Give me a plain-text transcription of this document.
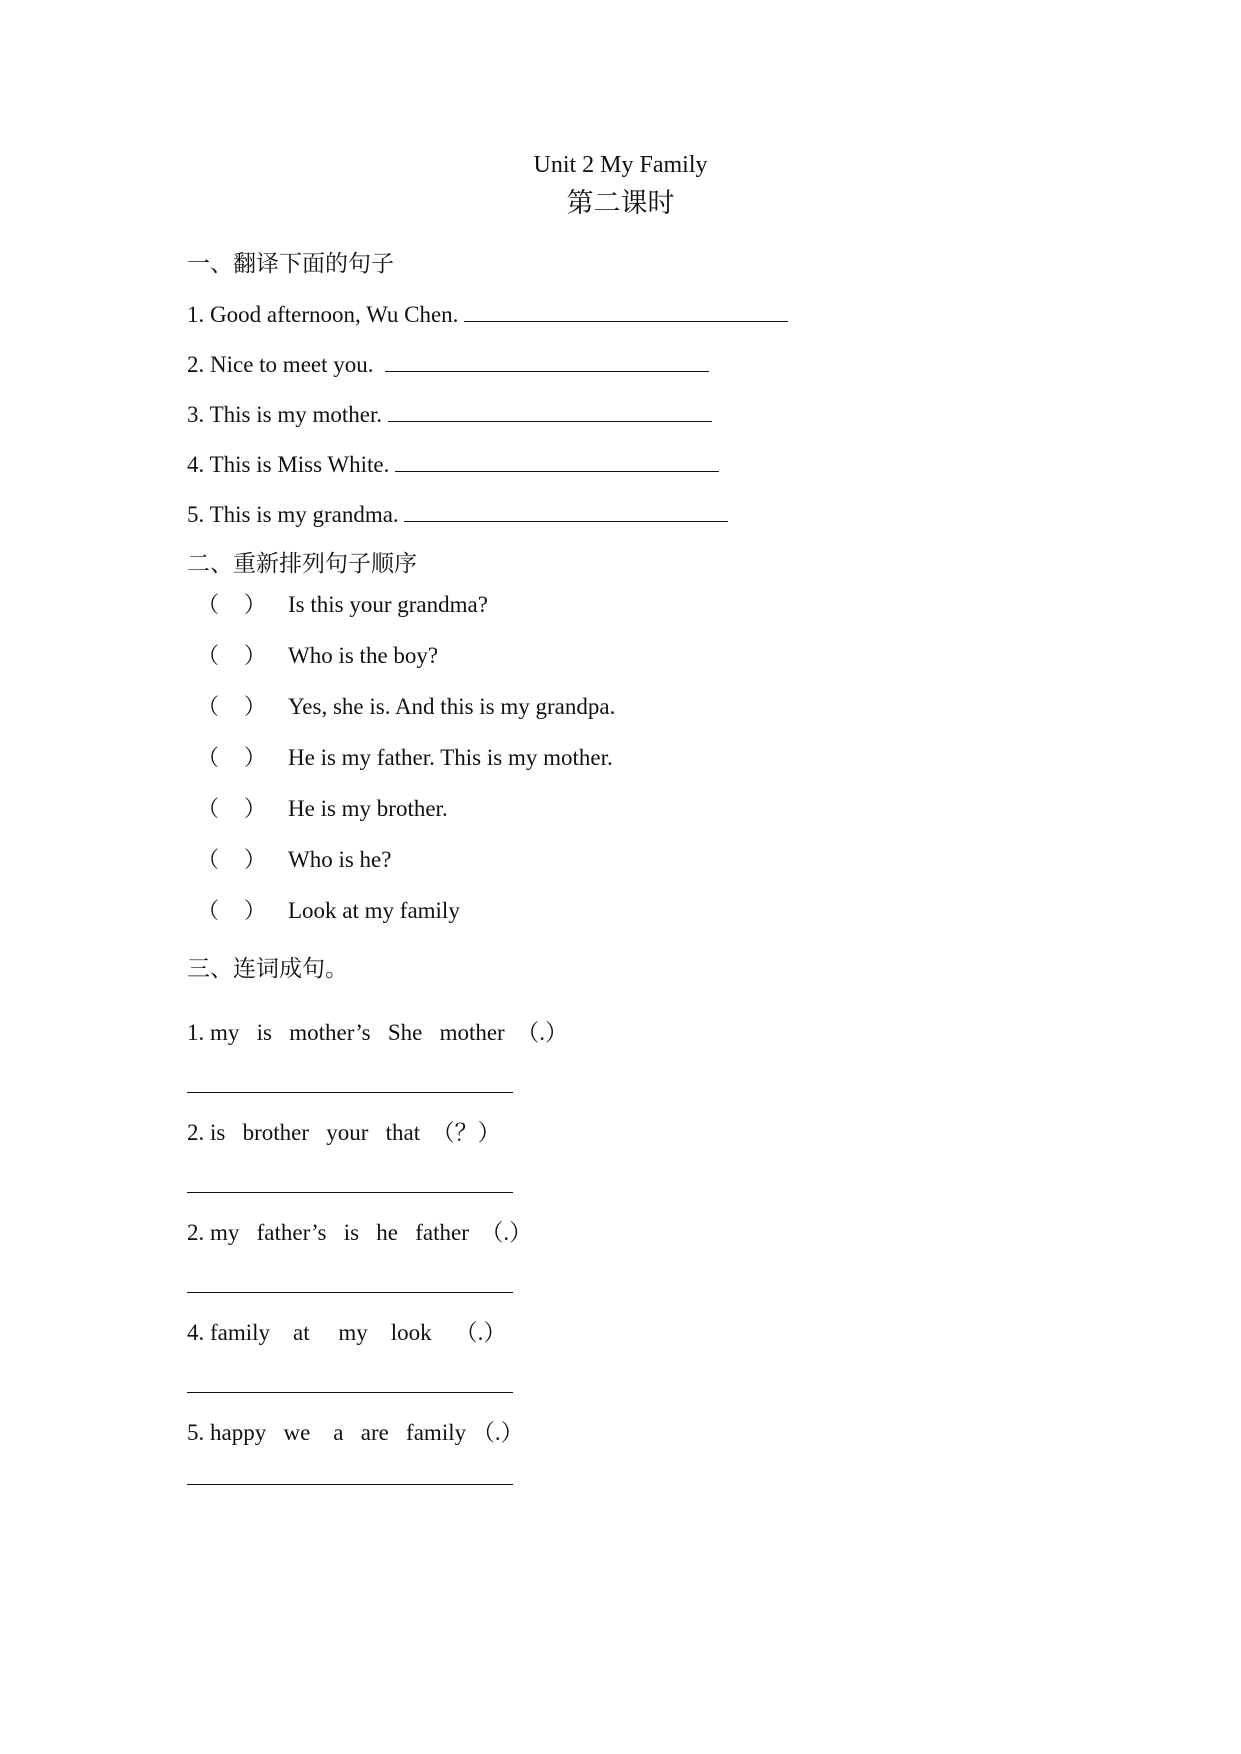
Unit 2 My Family
第二课时
一、翻译下面的句子
1. Good afternoon, Wu Chen.
2. Nice to meet you.
3. This is my mother.
4. This is Miss White.
5. This is my grandma.
二、重新排列句子顺序
（ ） Is this your grandma?
（ ） Who is the boy?
（ ） Yes, she is. And this is my grandpa.
（ ） He is my father. This is my mother.
（ ） He is my brother.
（ ） Who is he?
（ ） Look at my family
三、连词成句。
1. my   is   mother’s   She   mother  （.）
2. is   brother   your   that  （？）
2. my   father’s   is   he   father  （.）
4. family    at     my    look    （.）
5. happy   we    a   are   family （.）
